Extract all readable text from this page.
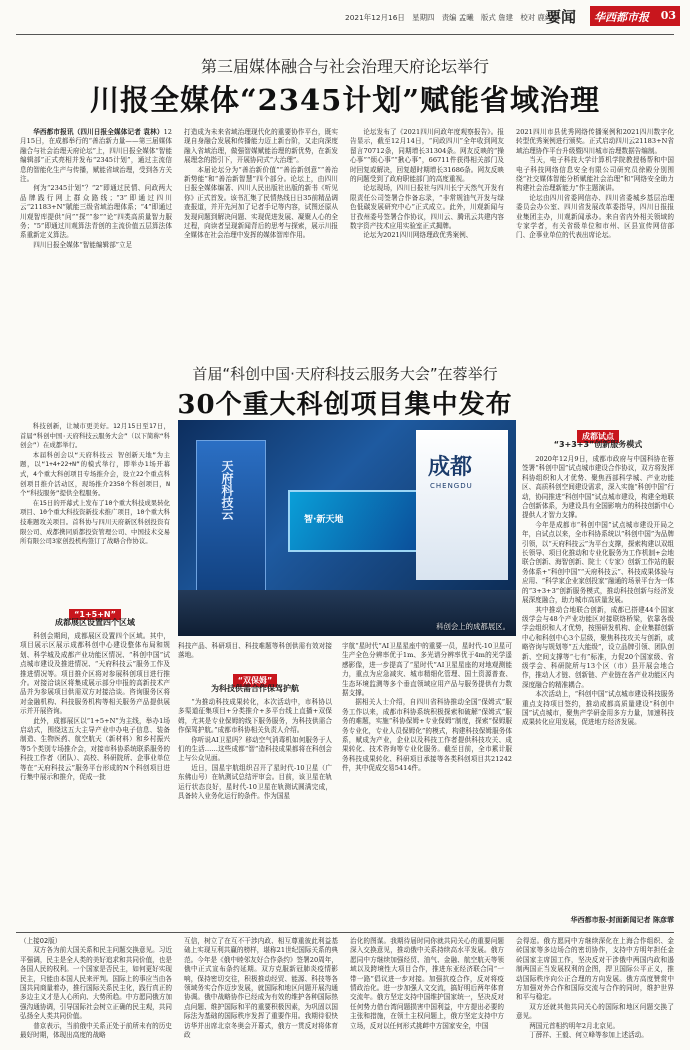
2021年12月16日　星期四　责编 孟曦　版式 詹建　校对 鹿红霞
要闻	华西都市报 03
第三届媒体融合与社会治理天府论坛举行
川报全媒体“2345计划”赋能省域治理

华西都市报讯（四川日报全媒体记者 袁林）12月15日，在成都举行的“善治新力量——第三届媒体融合与社会治理天府论坛”上，四川日报全媒体“智能编辑部”正式亮相并发布“2345计划”，通过主流信息的智能化生产与传播，赋能省域治理，受到各方关注。

何为“2345计划”？“2”即通过民情、问政两大品牌践行网上群众路线；“3”即通过四川云“21183+N”賦能三级省域治理体系；“4”即通过川观智库提供“问”“探”“参”“论”四类高质量智力服务；“5”即通过川观算法青创的主流价值五层算法体系重新定义算法。

四川日报全媒体“智能编辑部”立足

打造成为未来省域治理现代化的重要协作平台，既实现自身融合发展和传播能力迈上新台阶，又走向深度融入省域治理，做强智媒赋能治理的新优势，在新发展理念的指引下，开展协同式“大治理”。

本届论坛分为“善治新价值”“善治新创意”“善治新势能”和“善治新智慧”四个部分。论坛上，由四川日报全媒体编著、四川人民出版社出版的新书《听见你》正式首发。该书汇集了民情热线日日35前精品调查报道，并开先河加了记者手记等内容，试图还原从发现问题到解决问题、实现促进发展、凝聚人心的全过程，向读者呈现新闻背后的思考与探索，展示川报全媒体在社会治理中发挥的媒体智库作用。

论坛发布了《2021四川问政年度观察报告》。报告显示，截至12月14日，“问政四川”全年收到网友留言70712条，同期增长31304条。网友反映的“操心事”“烦心事”“揪心事”，66711件获得相关部门及时回复或解决，回复超时期增长31686条。网友反映的问题受到了政府职能部门的高度重视。

论坛现场，四川日报社与四川长宁天然气开发有限责任公司签署合作备忘录，“非常规油气开发与绿色低碳发展研究中心”正式成立。此外，川观新闻与甘孜州委号签署合作协议，四川云、腾讯云共建内容数字资产技术应用实验室正式揭牌。

论坛为2021四川网络理政优秀案例、

2021四川市县优秀网络传播案例和2021四川数字化转型优秀案例进行颁奖。正式启动四川云21183+N省域治理协作平台升级暨四川城市治理数据告编制。

当天，电子科技大学计算机学院教授杨帮和中国电子科技网络信息安全有限公司研究员徐殿分别围绕“社交媒体智能分析赋能社会治理”和“网络安全助力构建社会治理新能力”作主题演讲。

论坛由四川省委网信办、四川省委城乡基层治理委员会办公室、四川省发展改革委指导，四川日报报业集团主办，川观新闻承办。来自省内外相关领域的专家学者，有关省级单位和市州、区县宣传网信部门、企事业单位的代表出席论坛。

首届“科创中国·天府科技云服务大会”在蓉举行
30个重大科创项目集中发布

科技创新，让城市更美好。12月15日至17日，首届“科创中国·天府科技云服务大会”（以下简称“科创会”）在成都举行。

本届科创会以“天府科技云 智创新天地”为主题，以“1+4+22+N”的模式举行，即举办1场开幕式，4个重大科创项目专场推介会，设立22个重点科创项目推介活动区，现场推介2350个科创项目，N个“科技服务”提供全程服务。

在15日的开幕式上发布了10个重大科技成果转化项目、10个重大科技资新技术推广项目，10个重大科技难题攻关项目。首科协与四川天府新区科创投资有限公司、成都携同质都投资管理公司、中国技术交易所有限公司3家创投机构签订了战略合作协议。

天府科技云	智·新天地
成都
CHENGDU
科创会上的成都展区。
“1+5+N”
成都展区设置四个区域

科创会期间，成都展区设置四个区域。其中，项目展示区展示成都科创中心建设整体布局和规划、科学城及成都产业功能区情况、“科创中国”试点城市建设及推进情况、“天府科技云”服务工作及推进情况等。项目推介区将对参展科创项目进行推介。对接洽谈区将集成展示部分申报的高新技术产品并为参展项目供需双方对接洽谈。咨询服务区将对金融机构、科技服务机构等相关服务产品提供展示并开展咨询。

此外，成都展区以“1+5+N”为主线，举办1场启动式，围绕这五大主导产业申办电子信息、装备制造、生物医药、航空航天（新材料）和乡村振兴等5个类别专场推介会，对接市科协系统联系服务的科技工作者（团队）、高校、科研院所、企事业单位等在“天府科技云”服务平台形成的N个科创项目进行集中展示和推介，促成一批

科技产品、科研项目、科技难题等科创供需有效对接落地。
“双保姆”
为科技供需合作保驾护航

“为推动科技成果转化，本次活动中，市科协以多渠道征集项目+分类推介+多平台线上直播+双保姆，尤其是专业保姆的线下服务服务，为科技供需合作保驾护航。”成都市科协相关负责人介绍。

你听说AI卫星吗？移动空气消毒机如何服务于人们的生活……这些成都“智”造科技成果都将在科创会上与公众见面。

近日，国星宇航组织召开了星时代-10卫星（广东佛山号）在轨测试总结评审会。目前，该卫星在轨运行状态良好，星时代-10卫星在轨测试圆满完成，具备转入业务化运行的条件。作为国星

宇航“星时代”AI卫星星座中的重要一员，星时代-10卫星可生产全色分辨率优于1m、多光谱分辨率优于4m的光学遥感影像，进一步提高了“星时代”AI卫星星座的对地观测能力，重点为应急减灾、城市精细化管理、国土资源普查、生态环境监测等多个垂直领域应用产品与服务提供有力数据支撑。

据相关人士介绍，自四川省科协推动全国“保姆式”服务工作以来，成都市科协系统积极探索和破解“保姆式”服务的难题，实施“科协保姆+专业保姆”制度，探索“保姆服务专业化，专业人员保姆化”的模式，构建科技保姆服务体系，赋成为产业，企业以及科技工作者提供科技攻关、成果转化、技术咨询等专业化服务。截至目前，全市累计服务科技成果转化、科研项目承接等各类科创项目共21242件，其中促成交易5414件。

成都试点
“3+3+3”创新服务模式

2020年12月9日，成都市政府与中国科协在蓉签署“科创中国”试点城市建设合作协议，双方将发挥科协组织和人才优势、聚焦西部科学城、产业功能区、高质科创空间建设需求，深入实施“科创中国”行动，协同推进“科创中国”试点城市建设，构建全地联合创新体系，为建设具有全国影响力的科技创新中心提供人才智力支撑。

今年是成都市“科创中国”试点城市建设开局之年，自试点以来，全市科协系统以“科创中国”为品牌引领，以“天府科技云”为平台支撑，探索构建以双组长领导、项目化推动和专业化服务为工作机制+会地联合创新、海智创新、院士（专家）创新工作站的服务体系+“科创中国”“天府科技云”、科技成果体验与应用、“科学家企业家创投家”融通的场景平台为一体的“3+3+3”创新服务模式，推动科技创新与经济发展深度融合，助力城市高质量发展。

其中推动合地联合创新，成都已搭建44个国家级学会与48个产业功能区对接联络桥梁，依靠各级学会组织和人才优势，按照研发机构、企业集群创新中心和科创中心3个层级，聚焦科技攻关与创新，或略咨询与规划等“五大能级”，设立品牌引领、团队创新、空间支撑等“七有”标准，力促20个国家级、省级学会、科研院所与13个区（市）县开展会地合作，推动人才链、创新链、产业链在各产业功能区内深度融合的精准耦合。

本次活动上，“科创中国”试点城市建设科技服务重点支持项目签约，推动成都高质量建设“科创中国”试点城市，聚焦产学研金用多方力量，加速科技成果转化应用发展，促进地方经济发展。

华西都市报-封面新闻记者 陈彦霏

（上接02版）

双方各为前大国关系和民主问题交换意见。习近平强调，民主是全人类的美好追求和共同价值，也是各国人民的权利。一个国家是否民主，如何更好实现民主，只能由本国人民来评判。国际上的事应当由各国共同商量着办，推行国际关系民主化，践行真正的多边主义才是人心所向、大势所趋。中方愿同俄方加强沟通协调，引导国际社会树立正确的民主观，共同弘扬全人类共同价值。

普京表示，当前俄中关系正处于前所未有的历史最好时期，体现出高度的战略

互信，树立了在互不干涉内政、相互尊重彼此利益基础上实现互利共赢的榜样，堪称21世纪国际关系的典范。今年是《俄中睦邻友好合作条约》签署20周年，俄中正式宣布条约延期。双方克服新冠肺炎疫情影响，保持密切交往，积极推动经贸、能源、科技等各领域务实合作迈步发展，就国际和地区问题开展沟通协调。俄中战略协作已经成为有效的维护各种国际热点问题、维护国际和平的重要积极因素，为巩固以国际法为基础的国际秩序发挥了重要作用。我期待很快访华并出席北京冬奥会开幕式，俄方一贯反对将体育政

治化的图谋。我期待届时同你就共同关心的重要问题深入交换意见，推动俄中关系持续高水平发展。俄方愿同中方继续加强经贸、油气、金融、航空航天等领域以及跨境性大项目合作，推进东亚经济联合同“一带一路”倡议进一步对接。加强抗疫合作，反对将疫情政治化。进一步加强人文交流，搞好明后两年体育交流年。俄方坚定支持中国维护国家统一，坚决反对任何势力借台湾问题损害中国利益，中方提出必要的主张和措施，在领土主权问题上，俄方坚定支持中方立场，反对以任何形式挑衅中方国家安全，中国

会得逞。俄方愿同中方继续深化在上海合作组织、金砖国家等多边场合的密切协作，支持中方明年担任金砖国家主席国工作，坚决反对干涉俄中两国内政和遏制两国正当发展权利的企图，捍卫国际公平正义，推动国际秩序向公正合理的方向发展。俄方高度赞赏中方加强对外合作和国际交流与合作的同时，维护世界和平与稳定。

双方还就其他共同关心的国际和地区问题交换了意见。

两国元首相约明年2月北京见。

丁薛祥、王毅、何立峰等参加上述活动。
